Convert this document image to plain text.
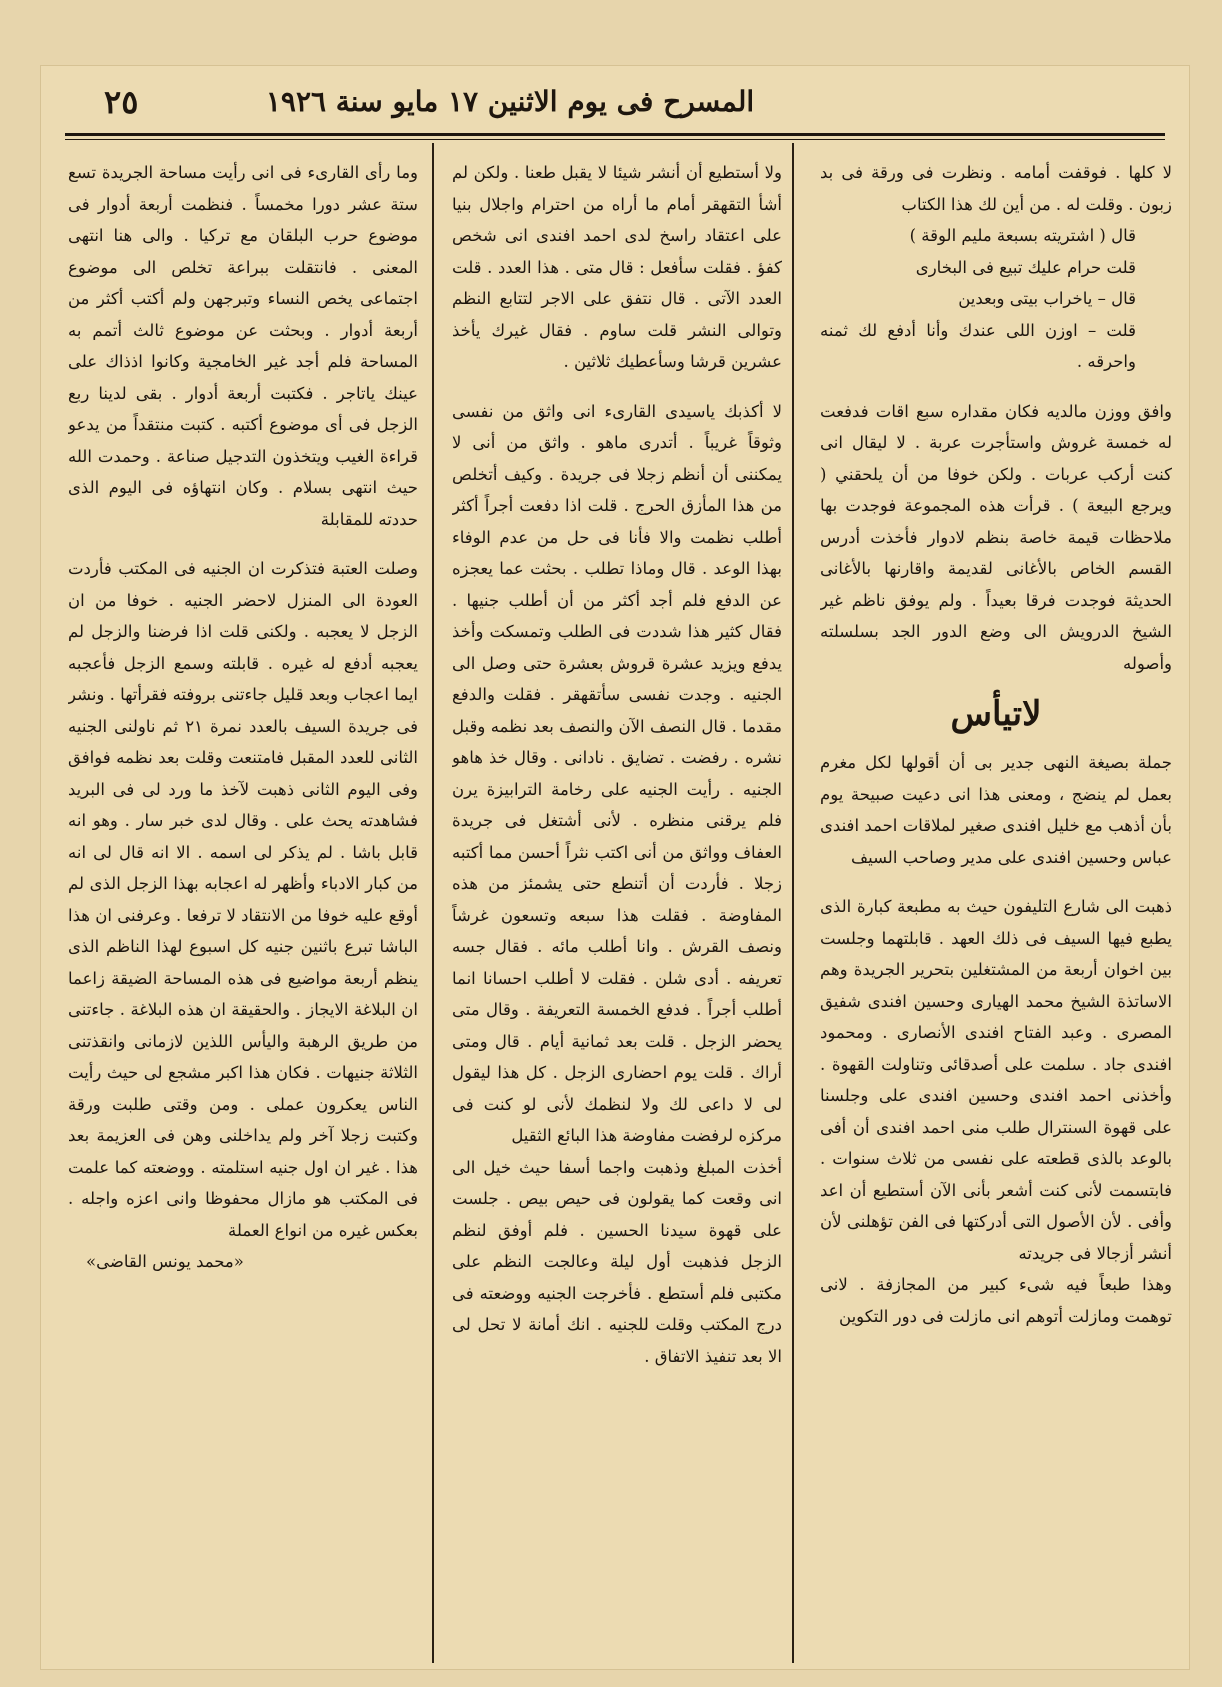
المسرح فى يوم الاثنين ١٧ مايو سنة ١٩٢٦
٢٥

لا كلها . فوقفت أمامه . ونظرت فى ورقة فى بد زبون . وقلت له . من أين لك هذا الكتاب

قال ( اشتريته بسبعة مليم الوقة )

قلت حرام عليك تبيع فى البخارى

قال – ياخراب بيتى وبعدين

قلت – اوزن اللى عندك وأنا أدفع لك ثمنه واحرقه .

وافق ووزن مالديه فكان مقداره سبع اقات فدفعت له خمسة غروش واستأجرت عربة . لا ليقال انى كنت أركب عربات . ولكن خوفا من أن يلحقني ( ويرجع البيعة ) . قرأت هذه المجموعة فوجدت بها ملاحظات قيمة خاصة بنظم لادوار فأخذت أدرس القسم الخاص بالأغانى لقديمة واقارنها بالأغانى الحديثة فوجدت فرقا بعيداً . ولم يوفق ناظم غير الشيخ الدرويش الى وضع الدور الجد بسلسلته وأصوله

لاتيأس

جملة بصيغة النهى جدير بى أن أقولها لكل مغرم بعمل لم ينضج ، ومعنى هذا انى دعيت صبيحة يوم بأن أذهب مع خليل افندى صغير لملاقات احمد افندى عباس وحسين افندى على مدير وصاحب السيف

ذهبت الى شارع التليفون حيث به مطبعة كبارة الذى يطبع فيها السيف فى ذلك العهد . قابلتهما وجلست بين اخوان أربعة من المشتغلين بتحرير الجريدة وهم الاساتذة الشيخ محمد الهيارى وحسين افندى شفيق المصرى . وعبد الفتاح افندى الأنصارى . ومحمود افندى جاد . سلمت على أصدقائى وتناولت القهوة . وأخذنى احمد افندى وحسين افندى على وجلسنا على قهوة السنترال طلب منى احمد افندى أن أفى بالوعد بالذى قطعته على نفسى من ثلاث سنوات . فابتسمت لأنى كنت أشعر بأنى الآن أستطيع أن اعد وأفى . لأن الأصول التى أدركتها فى الفن تؤهلنى لأن أنشر أزجالا فى جريدته

وهذا طبعاً فيه شىء كبير من المجازفة . لانى توهمت ومازلت أتوهم انى مازلت فى دور التكوين

ولا أستطيع أن أنشر شيئا لا يقبل طعنا . ولكن لم أشأ التقهقر أمام ما أراه من احترام واجلال بنيا على اعتقاد راسخ لدى احمد افندى انى شخص كفؤ . فقلت سأفعل : قال متى . هذا العدد . قلت العدد الآتى . قال نتفق على الاجر لتتابع النظم وتوالى النشر قلت ساوم . فقال غيرك يأخذ عشرين قرشا وسأعطيك ثلاثين .

لا أكذبك ياسيدى القارىء انى واثق من نفسى وثوقاً غريباً . أتدرى ماهو . واثق من أنى لا يمكننى أن أنظم زجلا فى جريدة . وكيف أتخلص من هذا المأزق الحرج . قلت اذا دفعت أجراً أكثر أطلب نظمت والا فأنا فى حل من عدم الوفاء بهذا الوعد . قال وماذا تطلب . بحثت عما يعجزه عن الدفع فلم أجد أكثر من أن أطلب جنيها . فقال كثير هذا شددت فى الطلب وتمسكت وأخذ يدفع ويزيد عشرة قروش بعشرة حتى وصل الى الجنيه . وجدت نفسى سأتقهقر . فقلت والدفع مقدما . قال النصف الآن والنصف بعد نظمه وقبل نشره . رفضت . تضايق . نادانى . وقال خذ هاهو الجنيه . رأيت الجنيه على رخامة الترابيزة يرن فلم يرقنى منظره . لأنى أشتغل فى جريدة العفاف وواثق من أنى اكتب نثراً أحسن مما أكتبه زجلا . فأردت أن أتنطع حتى يشمئز من هذه المفاوضة . فقلت هذا سبعه وتسعون غرشاً ونصف القرش . وانا أطلب مائه . فقال جسه تعريفه . أدى شلن . فقلت لا أطلب احسانا انما أطلب أجراً . فدفع الخمسة التعريفة . وقال متى يحضر الزجل . قلت بعد ثمانية أيام . قال ومتى أراك . قلت يوم احضارى الزجل . كل هذا ليقول لى لا داعى لك ولا لنظمك لأنى لو كنت فى مركزه لرفضت مفاوضة هذا البائع الثقيل

أخذت المبلغ وذهبت واجما أسفا حيث خيل الى انى وقعت كما يقولون فى حيص بيص . جلست على قهوة سيدنا الحسين . فلم أوفق لنظم الزجل فذهبت أول ليلة وعالجت النظم على مكتبى فلم أستطع . فأخرجت الجنيه ووضعته فى درج المكتب وقلت للجنيه . انك أمانة لا تحل لى الا بعد تنفيذ الاتفاق .

وما رأى القارىء فى انى رأيت مساحة الجريدة تسع ستة عشر دورا مخمساً . فنظمت أربعة أدوار فى موضوع حرب البلقان مع تركيا . والى هنا انتهى المعنى . فانتقلت ببراعة تخلص الى موضوع اجتماعى يخص النساء وتبرجهن ولم أكتب أكثر من أربعة أدوار . وبحثت عن موضوع ثالث أتمم به المساحة فلم أجد غير الخامجية وكانوا اذذاك على عينك ياتاجر . فكتبت أربعة أدوار . بقى لدينا ربع الزجل فى أى موضوع أكتبه . كتبت منتقداً من يدعو قراءة الغيب ويتخذون التدجيل صناعة . وحمدت الله حيث انتهى بسلام . وكان انتهاؤه فى اليوم الذى حددته للمقابلة

وصلت العتبة فتذكرت ان الجنيه فى المكتب فأردت العودة الى المنزل لاحضر الجنيه . خوفا من ان الزجل لا يعجبه . ولكنى قلت اذا فرضنا والزجل لم يعجبه أدفع له غيره . قابلته وسمع الزجل فأعجبه ايما اعجاب وبعد قليل جاءتنى بروفته فقرأتها . ونشر فى جريدة السيف بالعدد نمرة ٢١ ثم ناولنى الجنيه الثانى للعدد المقبل فامتنعت وقلت بعد نظمه فوافق وفى اليوم الثانى ذهبت لآخذ ما ورد لى فى البريد فشاهدته يحث على . وقال لدى خبر سار . وهو انه قابل باشا . لم يذكر لى اسمه . الا انه قال لى انه من كبار الادباء وأظهر له اعجابه بهذا الزجل الذى لم أوقع عليه خوفا من الانتقاد لا ترفعا . وعرفنى ان هذا الباشا تبرع باثنين جنيه كل اسبوع لهذا الناظم الذى ينظم أربعة مواضيع فى هذه المساحة الضيقة زاعما ان البلاغة الايجاز . والحقيقة ان هذه البلاغة . جاءتنى من طريق الرهبة واليأس اللذين لازمانى وانقذتنى الثلاثة جنيهات . فكان هذا اكبر مشجع لى حيث رأيت الناس يعكرون عملى . ومن وقتى طلبت ورقة وكتبت زجلا آخر ولم يداخلنى وهن فى العزيمة بعد هذا . غير ان اول جنيه استلمته . ووضعته كما علمت فى المكتب هو مازال محفوظا وانى اعزه واجله . بعكس غيره من انواع العملة

«محمد يونس القاضى»
